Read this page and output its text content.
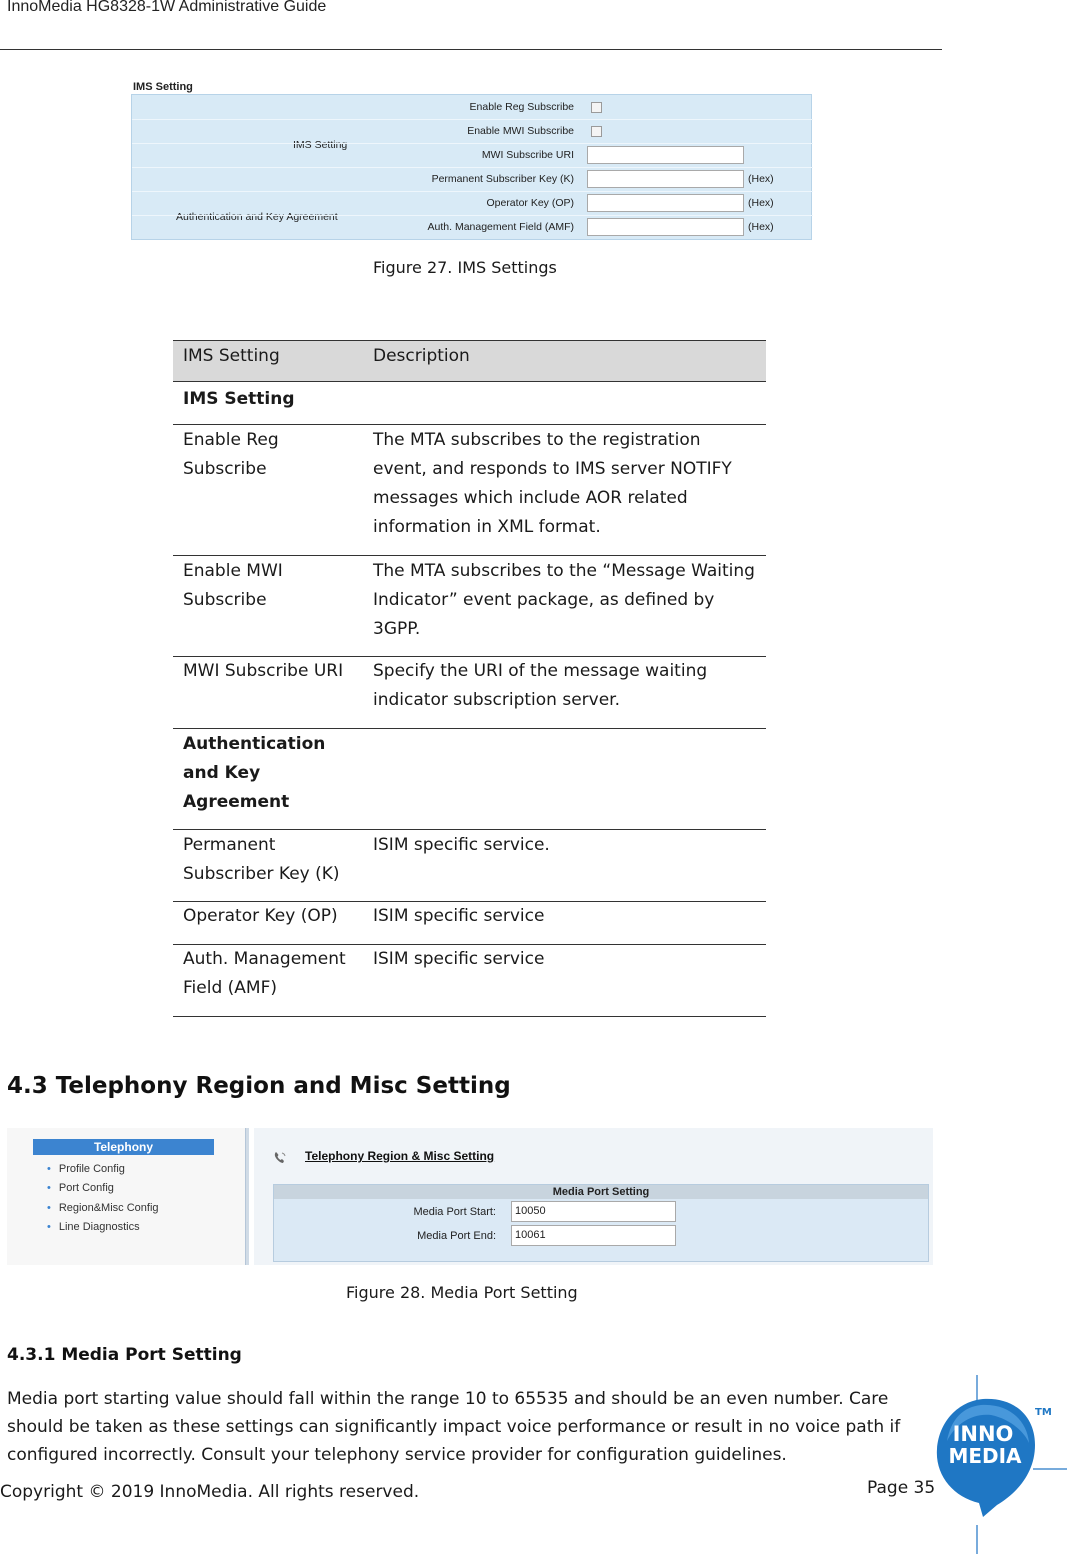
InnoMedia HG8328-1W Administrative Guide
IMS Setting
IMS Setting
Authentication and Key Agreement
Enable Reg Subscribe
Enable MWI Subscribe
MWI Subscribe URI
Permanent Subscriber Key (K)	(Hex)
Operator Key (OP)	(Hex)
Auth. Management Field (AMF)	(Hex)
Figure 27. IMS Settings
IMS Setting	Description
IMS Setting	
Enable Reg Subscribe	The MTA subscribes to the registration event, and responds to IMS server NOTIFY messages which include AOR related information in XML format.
Enable MWI Subscribe	The MTA subscribes to the “Message Waiting Indicator” event package, as defined by 3GPP.
MWI Subscribe URI	Specify the URI of the message waiting indicator subscription server.
Authentication and Key Agreement	
Permanent Subscriber Key (K)	ISIM specific service.
Operator Key (OP)	ISIM specific service
Auth. Management Field (AMF)	ISIM specific service
4.3 Telephony Region and Misc Setting
Telephony
• Profile Config
• Port Config
• Region&Misc Config
• Line Diagnostics
Telephony Region & Misc Setting
Media Port Setting
Media Port Start:	10050
Media Port End:	10061
Figure 28. Media Port Setting
4.3.1 Media Port Setting
Media port starting value should fall within the range 10 to 65535 and should be an even number. Care should be taken as these settings can significantly impact voice performance or result in no voice path if configured incorrectly. Consult your telephony service provider for configuration guidelines.
Copyright © 2019 InnoMedia. All rights reserved.	Page 35
INNO
MEDIA
TM
